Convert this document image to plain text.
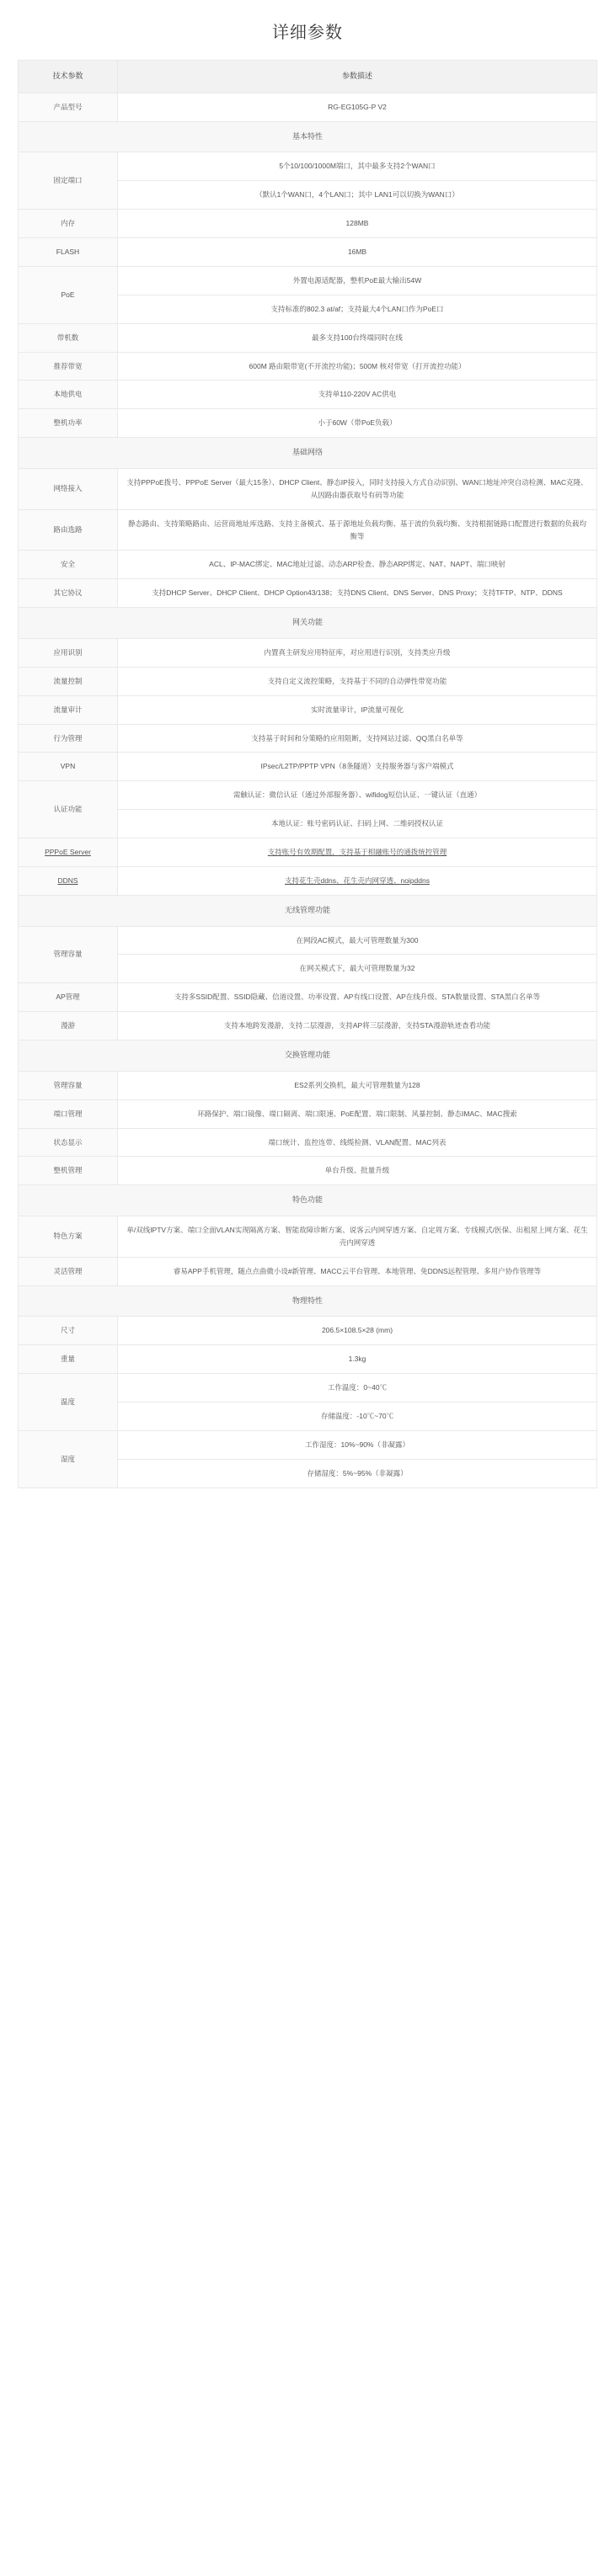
详细参数
技术参数	参数描述
产品型号	RG-EG105G-P V2
基本特性	
固定端口	5个10/100/1000M端口，其中最多支持2个WAN口
	（默认1个WAN口，4个LAN口；其中 LAN1可以切换为WAN口）
内存	128MB
FLASH	16MB
PoE	外置电源适配器，整机PoE最大输出54W
	支持标准的802.3 at/af；支持最大4个LAN口作为PoE口
带机数	最多支持100台终端同时在线
推荐带宽	600M 路由限带宽(不开流控功能)；500M 核对带宽（打开流控功能）
本地供电	支持单110-220V AC供电
整机功率	小于60W（带PoE负载）
基础网络	
网络接入	支持PPPoE拨号、PPPoE Server（最大15条）、DHCP Client、静态IP接入，同时支持接入方式自动识别、WAN口地址冲突自动检测、MAC克隆、从因路由器获取号有码等功能
路由选路	静态路由、支持策略路由、运营商地址库选路、支持主备模式、基于源地址负载均衡、基于流的负载均衡、支持根据链路口配置进行数据的负载均衡等
安全	ACL、IP-MAC绑定、MAC地址过滤、动态ARP检查、静态ARP绑定、NAT、NAPT、端口映射
其它协议	支持DHCP Server、DHCP Client、DHCP Option43/138；支持DNS Client、DNS Server、DNS Proxy；支持TFTP、NTP、DDNS
网关功能	
应用识别	内置真主研发应用特征库，对应用进行识别，支持类应升级
流量控制	支持自定义流控策略，支持基于不同的自动弹性带宽功能
流量审计	实时流量审计，IP流量可视化
行为管理	支持基于时间和分策略的应用阻断，支持网站过滤、QQ黑白名单等
VPN	IPsec/L2TP/PPTP VPN（8条隧道）支持服务器与客户端模式
认证功能	需触认证：微信认证（通过外部服务器）、wifidog短信认证、一键认证（直通）
	本地认证：账号密码认证、扫码上网、二维码授权认证
PPPoE Server	支持账号有效期配置，支持基于相融账号的通拨统控管理
DDNS	支持花生壳ddns、花生壳内网穿透、noipddns
无线管理功能	
管理容量	在网段AC模式，最大可管理数量为300
	在网关模式下，最大可管理数量为32
AP管理	支持多SSID配置、SSID隐藏、信道设置、功率设置、AP有线口设置、AP在线升级、STA数量设置、STA黑白名单等
漫游	支持本地跨发漫游，支持二层漫游，支持AP将三层漫游，支持STA漫游轨迹查看功能
交换管理功能	
管理容量	ES2系列交换机，最大可管理数量为128
端口管理	环路保护、端口镜像、端口隔离、端口限速、PoE配置、端口限制、风暴控制、静态IMAC、MAC搜索
状态显示	端口统计、监控连带、线缆检测、VLAN配置、MAC列表
整机管理	单台升级、批量升级
特色功能	
特色方案	单/双线IPTV方案、端口全面VLAN实现隔离方案、智能故障诊断方案、说客云内网穿透方案、自定周方案、专线模式/医保、出租屋上网方案、花生壳内网穿透
灵活管理	睿易APP手机管理，随点点曲微小设#新管理、MACC云平台管理、本地管理、免DDNS远程管理、多用户协作管理等
物理特性	
尺寸	206.5×108.5×28 (mm)
重量	1.3kg
温度	工作温度：0~40℃
	存储温度：-10℃~70℃
湿度	工作湿度：10%~90%（非凝露）
	存储湿度：5%~95%（非凝露）
